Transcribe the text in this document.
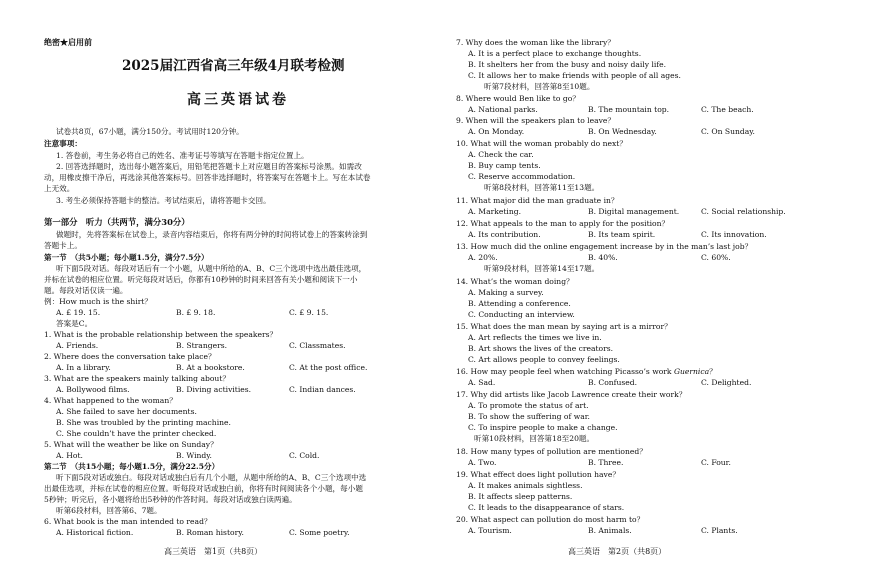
绝密★启用前
2025届江西省高三年级4月联考检测
高三英语试卷
试卷共8页，67小题，满分150分。考试用时120分钟。
注意事项：
1. 答卷前，考生务必将自己的姓名、准考证号等填写在答题卡指定位置上。
2. 回答选择题时，选出每小题答案后，用铅笔把答题卡上对应题目的答案标号涂黑。如需改
动，用橡皮擦干净后，再选涂其他答案标号。回答非选择题时，将答案写在答题卡上。写在本试卷
上无效。
3. 考生必须保持答题卡的整洁。考试结束后，请将答题卡交回。
第一部分　听力（共两节，满分30分）
做题时，先将答案标在试卷上，录音内容结束后，你将有两分钟的时间将试卷上的答案转涂到
答题卡上。
第一节　（共5小题；每小题1.5分，满分7.5分）
听下面5段对话。每段对话后有一个小题，从题中所给的A、B、C三个选项中选出最佳选项，
并标在试卷的相应位置。听完每段对话后，你都有10秒钟的时间来回答有关小题和阅读下一小
题。每段对话仅读一遍。
例：How much is the shirt？
A. £ 19. 15.	B. £ 9. 18.	C. £ 9. 15.
答案是C。
1. What is the probable relationship between the speakers？
A. Friends.	B. Strangers.	C. Classmates.
2. Where does the conversation take place？
A. In a library.	B. At a bookstore.	C. At the post office.
3. What are the speakers mainly talking about？
A. Bollywood films.	B. Diving activities.	C. Indian dances.
4. What happened to the woman？
A. She failed to save her documents.
B. She was troubled by the printing machine.
C. She couldn’t have the printer checked.
5. What will the weather be like on Sunday？
A. Hot.	B. Windy.	C. Cold.
第二节　（共15小题；每小题1.5分，满分22.5分）
听下面5段对话或独白。每段对话或独白后有几个小题，从题中所给的A、B、C三个选项中选
出最佳选项，并标在试卷的相应位置。听每段对话或独白前，你将有时间阅读各个小题，每小题
5秒钟；听完后，各小题将给出5秒钟的作答时间。每段对话或独白读两遍。
听第6段材料，回答第6、7题。
6. What book is the man intended to read？
A. Historical fiction.	B. Roman history.	C. Some poetry.
高三英语　第1页（共8页）
7. Why does the woman like the library？
A. It is a perfect place to exchange thoughts.
B. It shelters her from the busy and noisy daily life.
C. It allows her to make friends with people of all ages.
听第7段材料，回答第8至10题。
8. Where would Ben like to go？
A. National parks.	B. The mountain top.	C. The beach.
9. When will the speakers plan to leave？
A. On Monday.	B. On Wednesday.	C. On Sunday.
10. What will the woman probably do next？
A. Check the car.
B. Buy camp tents.
C. Reserve accommodation.
听第8段材料，回答第11至13题。
11. What major did the man graduate in？
A. Marketing.	B. Digital management.	C. Social relationship.
12. What appeals to the man to apply for the position？
A. Its contribution.	B. Its team spirit.	C. Its innovation.
13. How much did the online engagement increase by in the man’s last job？
A. 20%.	B. 40%.	C. 60%.
听第9段材料，回答第14至17题。
14. What’s the woman doing？
A. Making a survey.
B. Attending a conference.
C. Conducting an interview.
15. What does the man mean by saying art is a mirror？
A. Art reflects the times we live in.
B. Art shows the lives of the creators.
C. Art allows people to convey feelings.
16. How may people feel when watching Picasso’s work Guernica？
A. Sad.	B. Confused.	C. Delighted.
17. Why did artists like Jacob Lawrence create their work？
A. To promote the status of art.
B. To show the suffering of war.
C. To inspire people to make a change.
听第10段材料，回答第18至20题。
18. How many types of pollution are mentioned？
A. Two.	B. Three.	C. Four.
19. What effect does light pollution have？
A. It makes animals sightless.
B. It affects sleep patterns.
C. It leads to the disappearance of stars.
20. What aspect can pollution do most harm to？
A. Tourism.	B. Animals.	C. Plants.
高三英语　第2页（共8页）
